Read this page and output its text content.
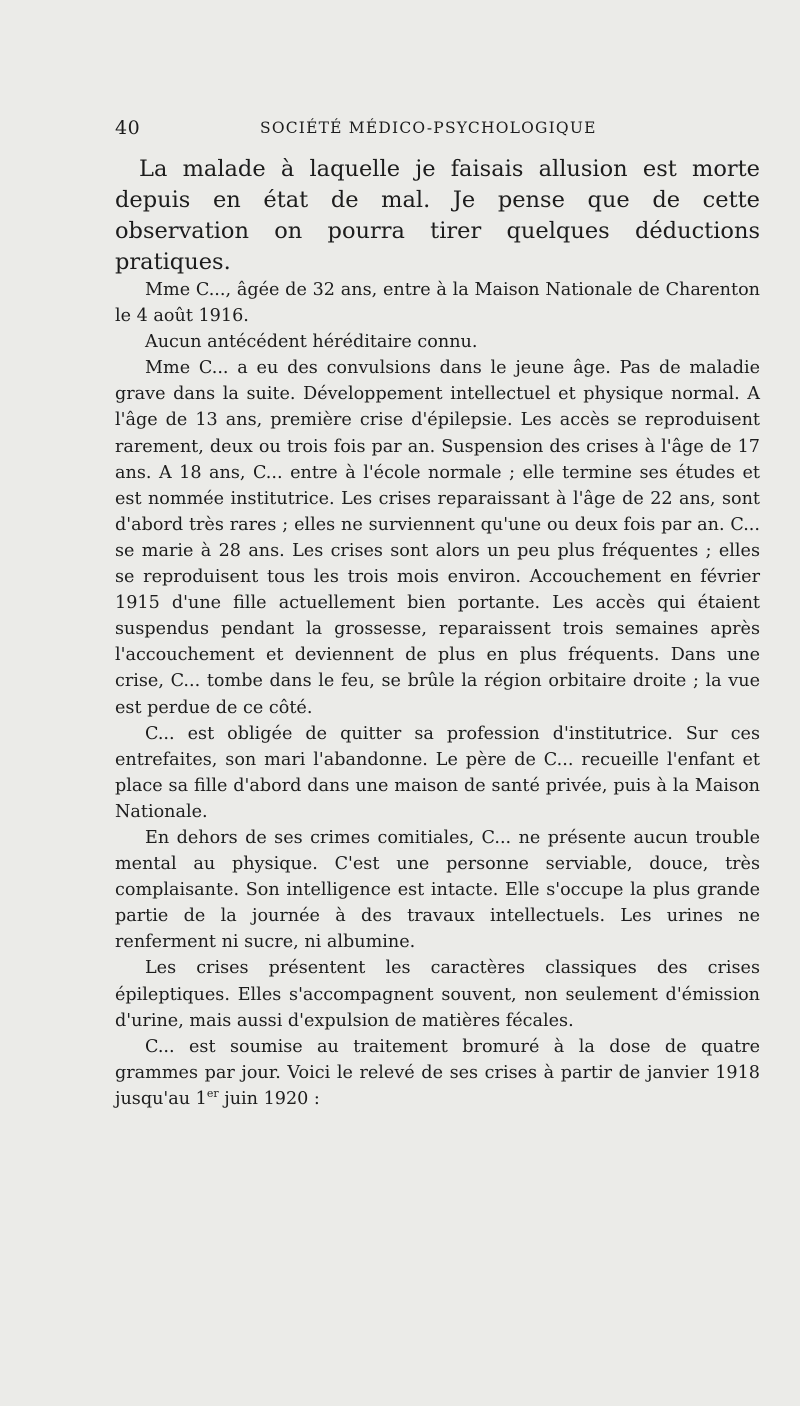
40	SOCIÉTÉ MÉDICO-PSYCHOLOGIQUE

La malade à laquelle je faisais allusion est morte depuis en état de mal. Je pense que de cette observation on pourra tirer quelques déductions pratiques.

Mme C..., âgée de 32 ans, entre à la Maison Nationale de Charenton le 4 août 1916.

Aucun antécédent héréditaire connu.

Mme C... a eu des convulsions dans le jeune âge. Pas de maladie grave dans la suite. Développement intellectuel et physique normal. A l'âge de 13 ans, première crise d'épilepsie. Les accès se reproduisent rarement, deux ou trois fois par an. Suspension des crises à l'âge de 17 ans. A 18 ans, C... entre à l'école normale ; elle termine ses études et est nommée institutrice. Les crises reparaissant à l'âge de 22 ans, sont d'abord très rares ; elles ne surviennent qu'une ou deux fois par an. C... se marie à 28 ans. Les crises sont alors un peu plus fréquentes ; elles se reproduisent tous les trois mois environ. Accouchement en février 1915 d'une fille actuellement bien portante. Les accès qui étaient suspendus pendant la grossesse, reparaissent trois semaines après l'accouchement et deviennent de plus en plus fréquents. Dans une crise, C... tombe dans le feu, se brûle la région orbitaire droite ; la vue est perdue de ce côté.

C... est obligée de quitter sa profession d'institutrice. Sur ces entrefaites, son mari l'abandonne. Le père de C... recueille l'enfant et place sa fille d'abord dans une maison de santé privée, puis à la Maison Nationale.

En dehors de ses crimes comitiales, C... ne présente aucun trouble mental au physique. C'est une personne serviable, douce, très complaisante. Son intelligence est intacte. Elle s'occupe la plus grande partie de la journée à des travaux intellectuels. Les urines ne renferment ni sucre, ni albumine.

Les crises présentent les caractères classiques des crises épileptiques. Elles s'accompagnent souvent, non seulement d'émission d'urine, mais aussi d'expulsion de matières fécales.

C... est soumise au traitement bromuré à la dose de quatre grammes par jour. Voici le relevé de ses crises à partir de janvier 1918 jusqu'au 1er juin 1920 :
